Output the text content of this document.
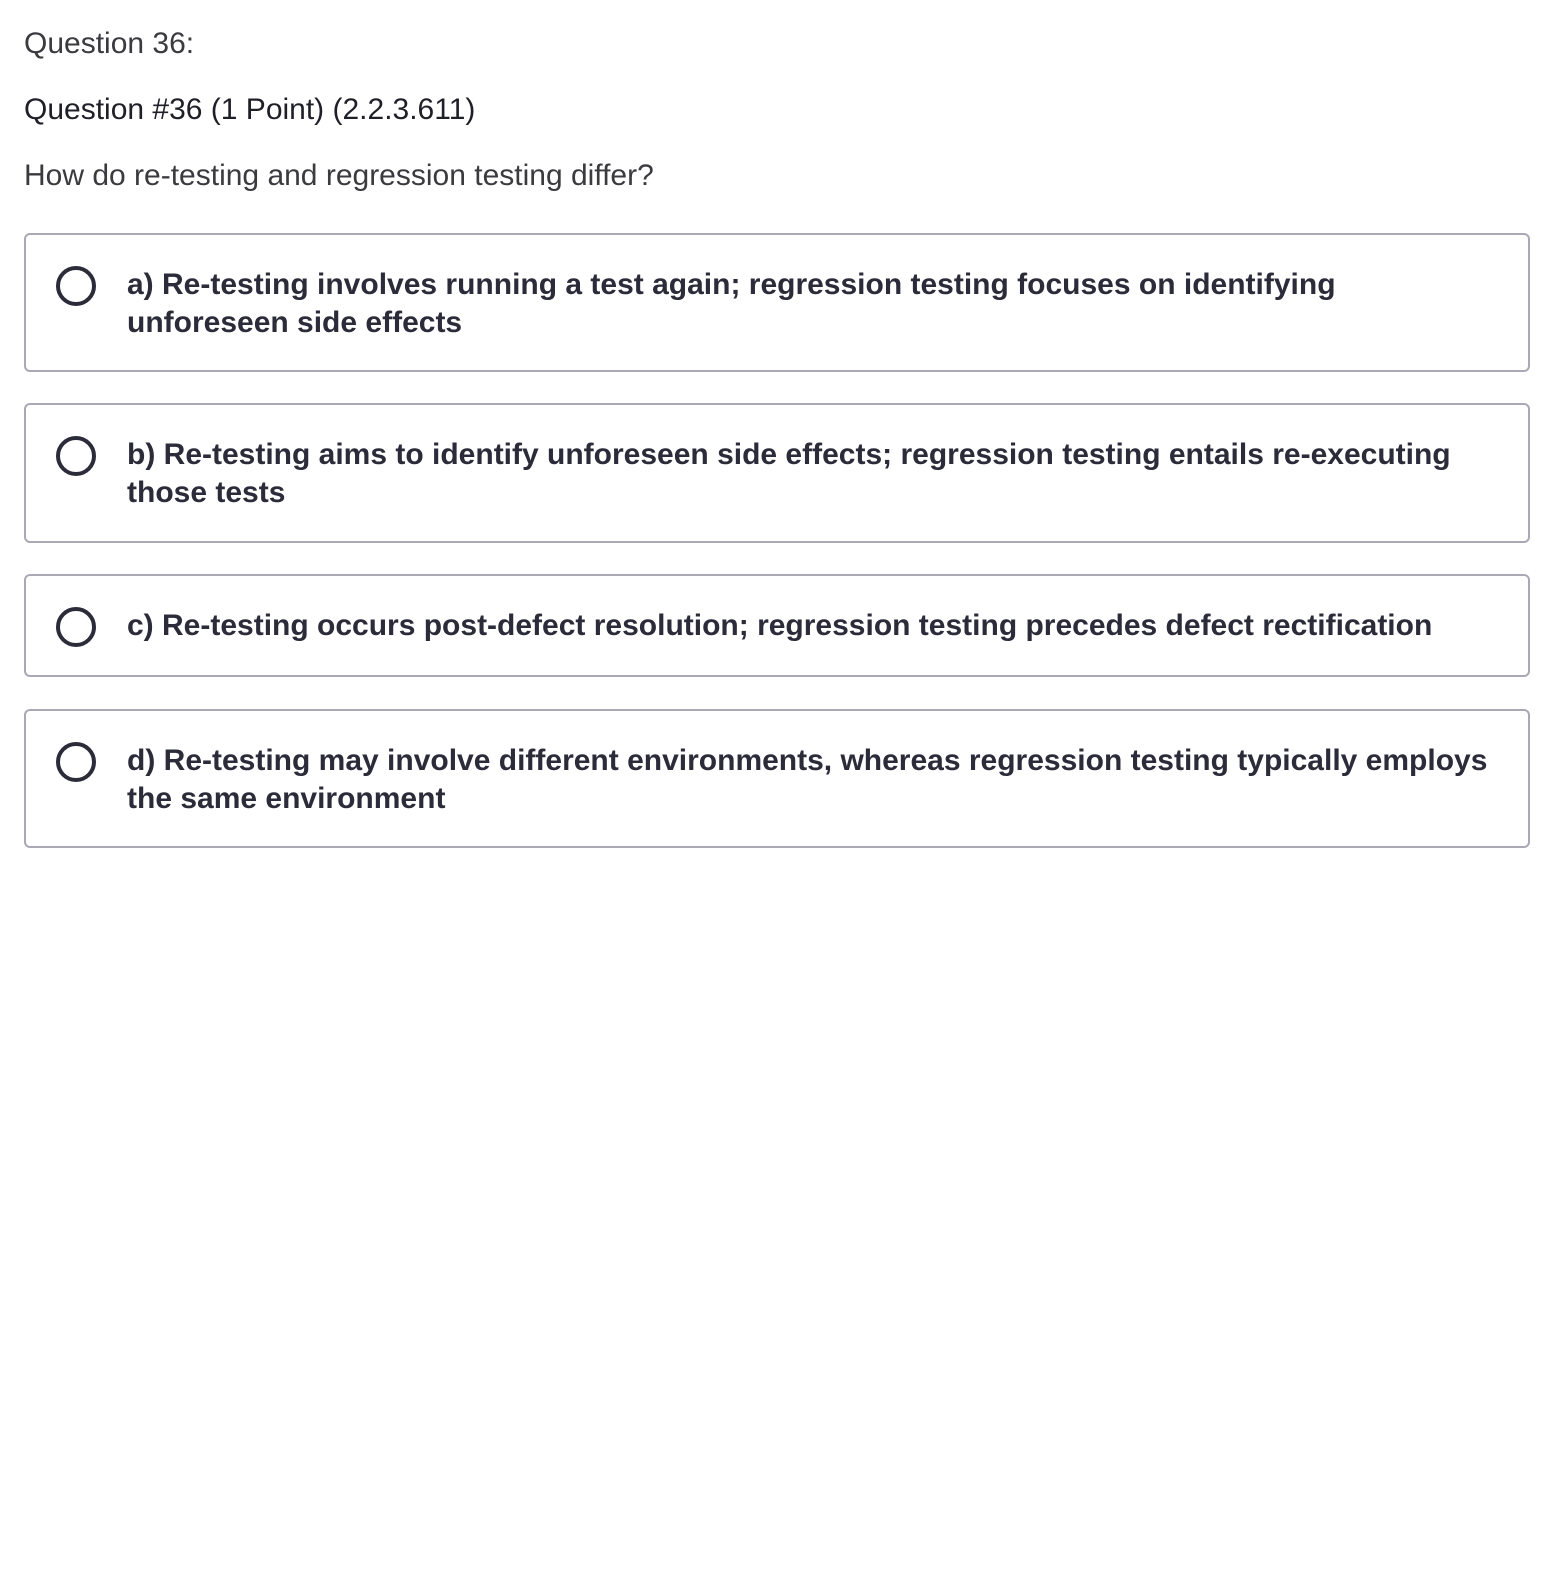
Question 36:
Question #36 (1 Point) (2.2.3.611)
How do re-testing and regression testing differ?
a) Re-testing involves running a test again; regression testing focuses on identifying unforeseen side effects
b) Re-testing aims to identify unforeseen side effects; regression testing entails re-executing those tests
c) Re-testing occurs post-defect resolution; regression testing precedes defect rectification
d) Re-testing may involve different environments, whereas regression testing typically employs the same environment
